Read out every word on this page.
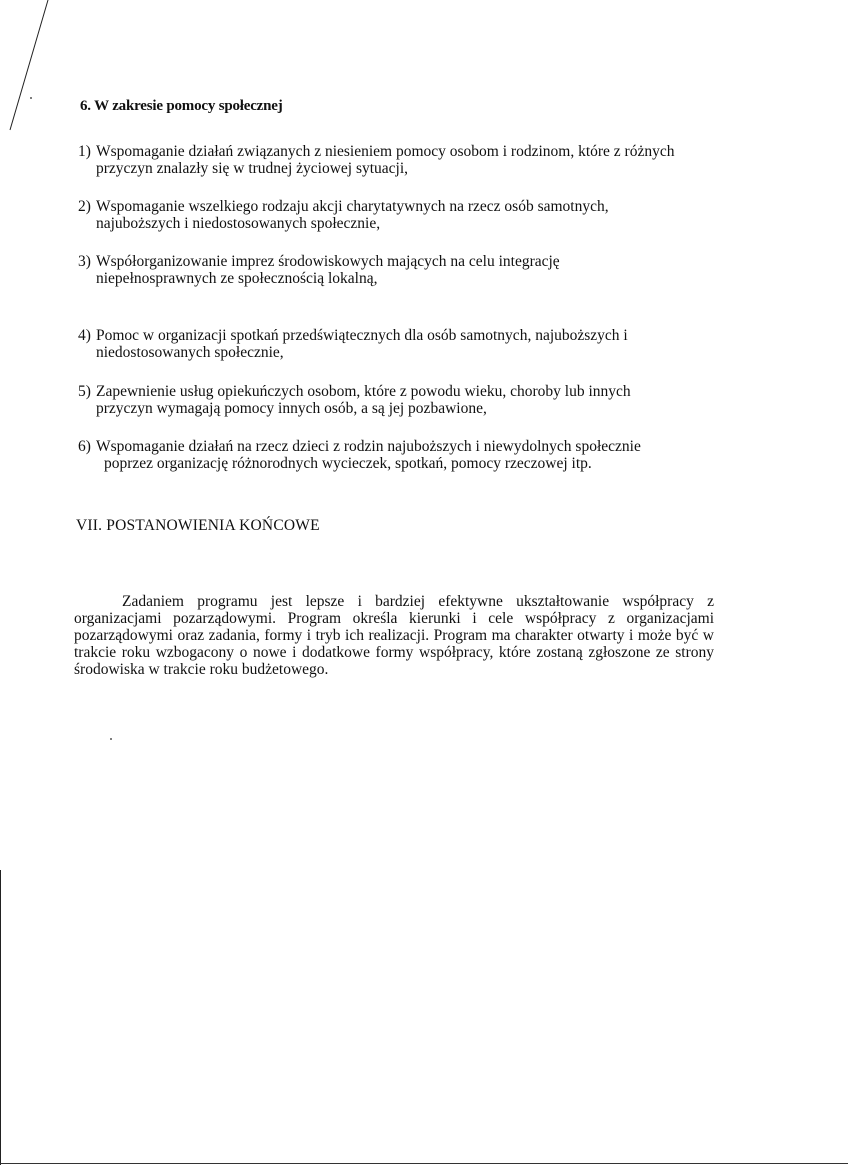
6. W zakresie pomocy społecznej
1) Wspomaganie działań związanych z niesieniem pomocy osobom i rodzinom, które z różnych
przyczyn znalazły się w trudnej życiowej sytuacji,
2) Wspomaganie wszelkiego rodzaju akcji charytatywnych na rzecz osób samotnych,
najuboższych i niedostosowanych społecznie,
3) Współorganizowanie imprez środowiskowych mających na celu integrację
niepełnosprawnych ze społecznością lokalną,
4) Pomoc w organizacji spotkań przedświątecznych dla osób samotnych, najuboższych i
niedostosowanych społecznie,
5) Zapewnienie usług opiekuńczych osobom, które z powodu wieku, choroby lub innych
przyczyn wymagają pomocy innych osób, a są jej pozbawione,
6) Wspomaganie działań na rzecz dzieci z rodzin najuboższych i niewydolnych społecznie
poprzez organizację różnorodnych wycieczek, spotkań, pomocy rzeczowej itp.
VII. POSTANOWIENIA KOŃCOWE
Zadaniem programu jest lepsze i bardziej efektywne ukształtowanie współpracy z organizacjami pozarządowymi. Program określa kierunki i cele współpracy z organizacjami pozarządowymi oraz zadania, formy i tryb ich realizacji. Program ma charakter otwarty i może być w trakcie roku wzbogacony o nowe i dodatkowe formy współpracy, które zostaną zgłoszone ze strony środowiska w trakcie roku budżetowego.
